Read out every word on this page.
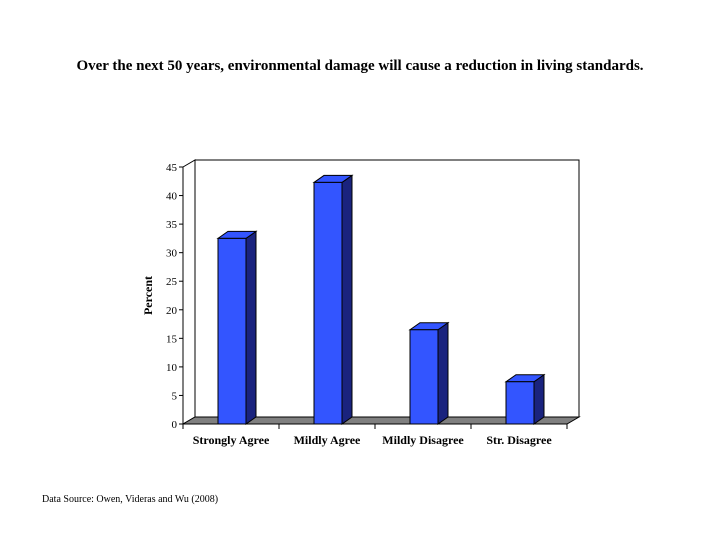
Over the next 50 years, environmental damage will cause a reduction in living standards.
0
5
10
15
20
25
30
35
40
45
Percent
Strongly Agree Mildly Agree Mildly Disagree Str. Disagree
Data Source: Owen, Videras and Wu (2008)
